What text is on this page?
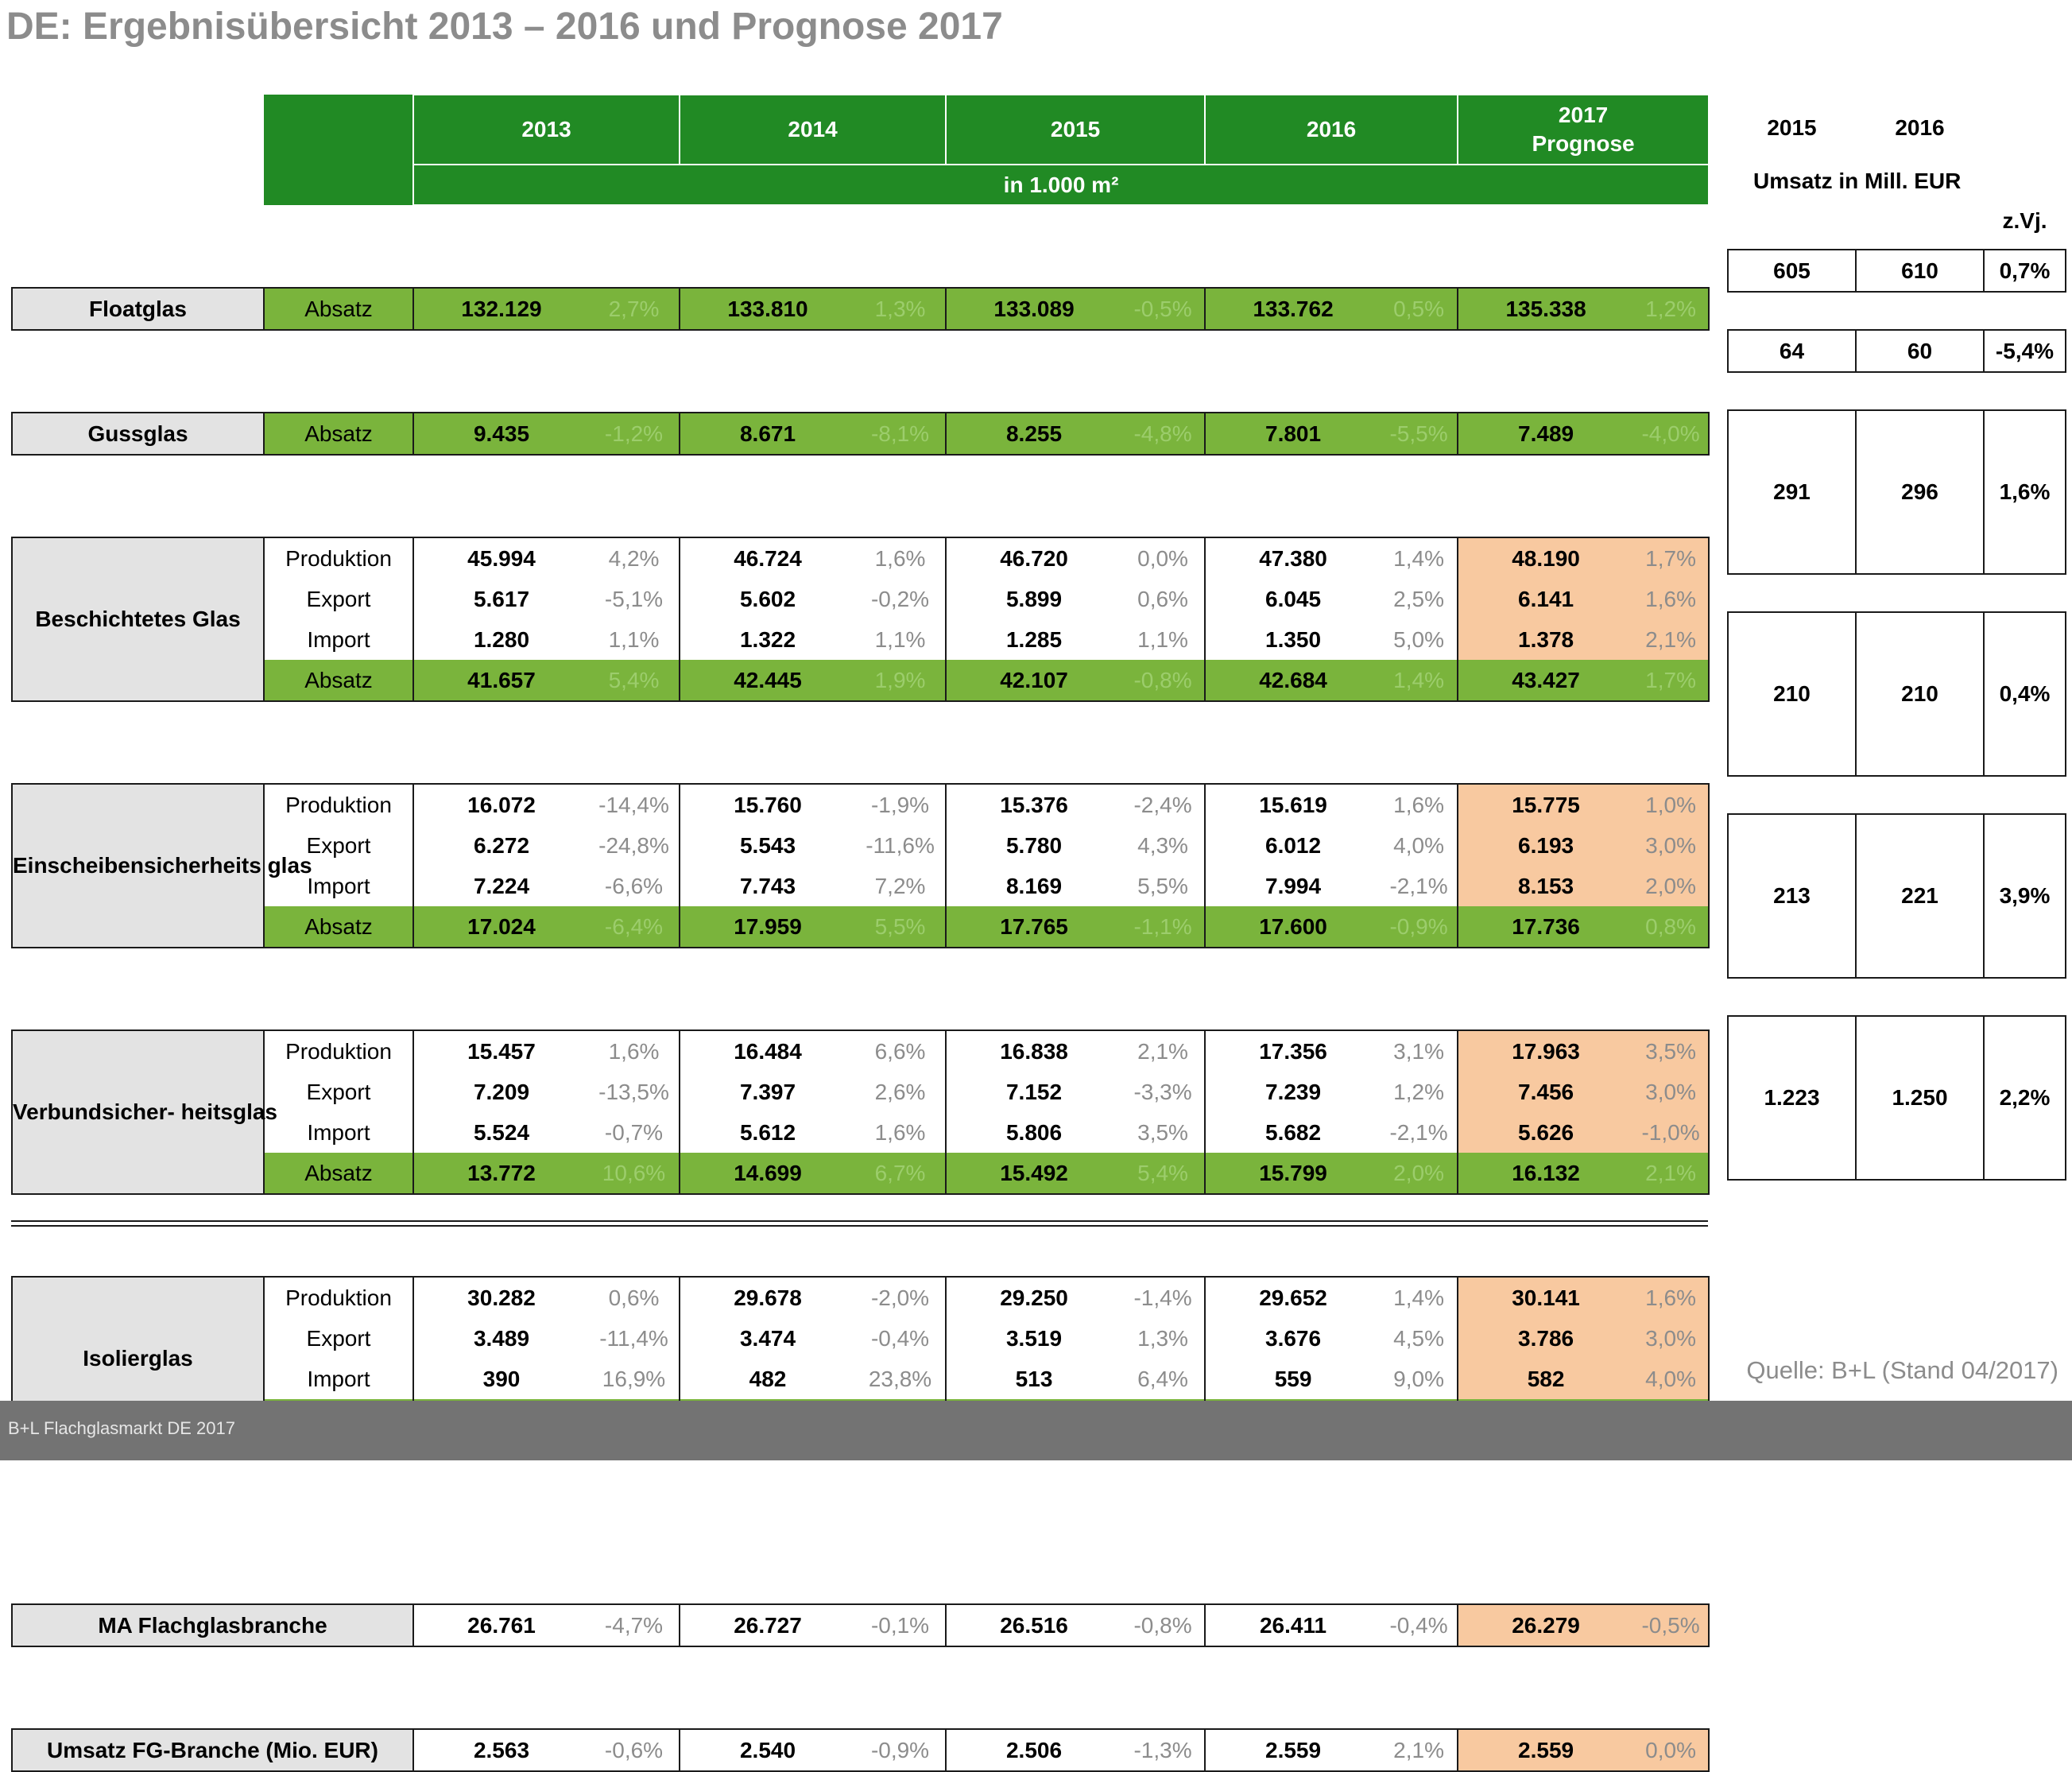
DE: Ergebnisübersicht 2013 – 2016 und Prognose 2017
		2013		2014		2015		2016		2017
Prognose	
		in 1.000 m²									

Floatglas	Absatz	132.129	2,7%	133.810	1,3%	133.089	-0,5%	133.762	0,5%	135.338	1,2%

Gussglas	Absatz	9.435	-1,2%	8.671	-8,1%	8.255	-4,8%	7.801	-5,5%	7.489	-4,0%

Beschichtetes Glas	Produktion	45.994	4,2%	46.724	1,6%	46.720	0,0%	47.380	1,4%	48.190	1,7%
	Export	5.617	-5,1%	5.602	-0,2%	5.899	0,6%	6.045	2,5%	6.141	1,6%
	Import	1.280	1,1%	1.322	1,1%	1.285	1,1%	1.350	5,0%	1.378	2,1%
	Absatz	41.657	5,4%	42.445	1,9%	42.107	-0,8%	42.684	1,4%	43.427	1,7%

Einscheibensicherheits glas	Produktion	16.072	-14,4%	15.760	-1,9%	15.376	-2,4%	15.619	1,6%	15.775	1,0%
	Export	6.272	-24,8%	5.543	-11,6%	5.780	4,3%	6.012	4,0%	6.193	3,0%
	Import	7.224	-6,6%	7.743	7,2%	8.169	5,5%	7.994	-2,1%	8.153	2,0%
	Absatz	17.024	-6,4%	17.959	5,5%	17.765	-1,1%	17.600	-0,9%	17.736	0,8%

Verbundsicher- heitsglas	Produktion	15.457	1,6%	16.484	6,6%	16.838	2,1%	17.356	3,1%	17.963	3,5%
	Export	7.209	-13,5%	7.397	2,6%	7.152	-3,3%	7.239	1,2%	7.456	3,0%
	Import	5.524	-0,7%	5.612	1,6%	5.806	3,5%	5.682	-2,1%	5.626	-1,0%
	Absatz	13.772	10,6%	14.699	6,7%	15.492	5,4%	15.799	2,0%	16.132	2,1%

Isolierglas	Produktion	30.282	0,6%	29.678	-2,0%	29.250	-1,4%	29.652	1,4%	30.141	1,6%
	Export	3.489	-11,4%	3.474	-0,4%	3.519	1,3%	3.676	4,5%	3.786	3,0%
	Import	390	16,9%	482	23,8%	513	6,4%	559	9,0%	582	4,0%

MA Flachglasbranche		26.761	-4,7%	26.727	-0,1%	26.516	-0,8%	26.411	-0,4%	26.279	-0,5%

Umsatz FG-Branche (Mio. EUR)		2.563	-0,6%	2.540	-0,9%	2.506	-1,3%	2.559	2,1%	2.559	0,0%
2015	2016	
Umsatz in Mill. EUR		
		z.Vj.

605	610	0,7%

64	60	-5,4%

291	296	1,6%

210	210	0,4%

213	221	3,9%

1.223	1.250	2,2%
Quelle: B+L (Stand 04/2017)
B+L Flachglasmarkt DE 2017
